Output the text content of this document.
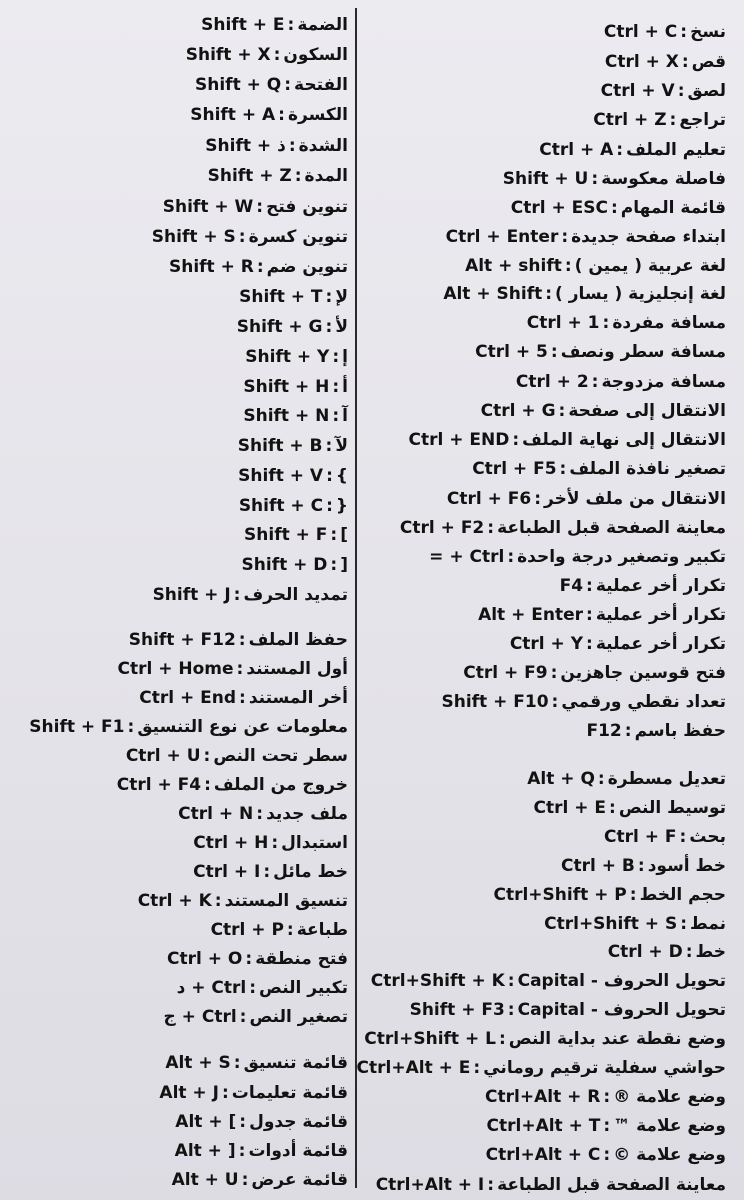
Ctrl + C : نسخ
Ctrl + X : قص
Ctrl + V : لصق
Ctrl + Z : تراجع
Ctrl + A : تعليم الملف
Shift + U : فاصلة معكوسة
Ctrl + ESC : قائمة المهام
Ctrl + Enter : ابتداء صفحة جديدة
Alt + shift : لغة عربية ( يمين )
Alt + Shift : لغة إنجليزية ( يسار )
Ctrl + 1 : مسافة مفردة
Ctrl + 5 : مسافة سطر ونصف
Ctrl + 2 : مسافة مزدوجة
Ctrl + G : الانتقال إلى صفحة
Ctrl + END : الانتقال إلى نهاية الملف
Ctrl + F5 : تصغير نافذة الملف
Ctrl + F6 : الانتقال من ملف لأخر
Ctrl + F2 : معاينة الصفحة قبل الطباعة
= + Ctrl : تكبير وتصغير درجة واحدة
F4 : تكرار أخر عملية
Alt + Enter : تكرار أخر عملية
Ctrl + Y : تكرار أخر عملية
Ctrl + F9 : فتح قوسين جاهزين
Shift + F10 : تعداد نقطي ورقمي
F12 : حفظ باسم
Alt + Q : تعديل مسطرة
Ctrl + E : توسيط النص
Ctrl + F : بحث
Ctrl + B : خط أسود
Ctrl+Shift + P : حجم الخط
Ctrl+Shift + S : نمط
Ctrl + D : خط
Ctrl+Shift + K : تحويل الحروف - Capital
Shift + F3 : تحويل الحروف - Capital
Ctrl+Shift + L : وضع نقطة عند بداية النص
Ctrl+Alt + E : حواشي سفلية ترقيم روماني
Ctrl+Alt + R : وضع علامة ®
Ctrl+Alt + T : وضع علامة ™
Ctrl+Alt + C : وضع علامة ©
Ctrl+Alt + I : معاينة الصفحة قبل الطباعة
Shift + E : الضمة
Shift + X : السكون
Shift + Q : الفتحة
Shift + A : الكسرة
Shift + ذ : الشدة
Shift + Z : المدة
Shift + W : تنوين فتح
Shift + S : تنوين كسرة
Shift + R : تنوين ضم
Shift + T : لإ
Shift + G : لأ
Shift + Y : إ
Shift + H : أ
Shift + N : آ
Shift + B : لآ
Shift + V : }
Shift + C : {
Shift + F : ]
Shift + D : [
Shift + J : تمديد الحرف
Shift + F12 : حفظ الملف
Ctrl + Home : أول المستند
Ctrl + End : أخر المستند
Shift + F1 : معلومات عن نوع التنسيق
Ctrl + U : سطر تحت النص
Ctrl + F4 : خروج من الملف
Ctrl + N : ملف جديد
Ctrl + H : استبدال
Ctrl + I : خط مائل
Ctrl + K : تنسيق المستند
Ctrl + P : طباعة
Ctrl + O : فتح منطقة
د + Ctrl : تكبير النص
ج + Ctrl : تصغير النص
Alt + S : قائمة تنسيق
Alt + J : قائمة تعليمات
Alt + [ : قائمة جدول
Alt + ] : قائمة أدوات
Alt + U : قائمة عرض
